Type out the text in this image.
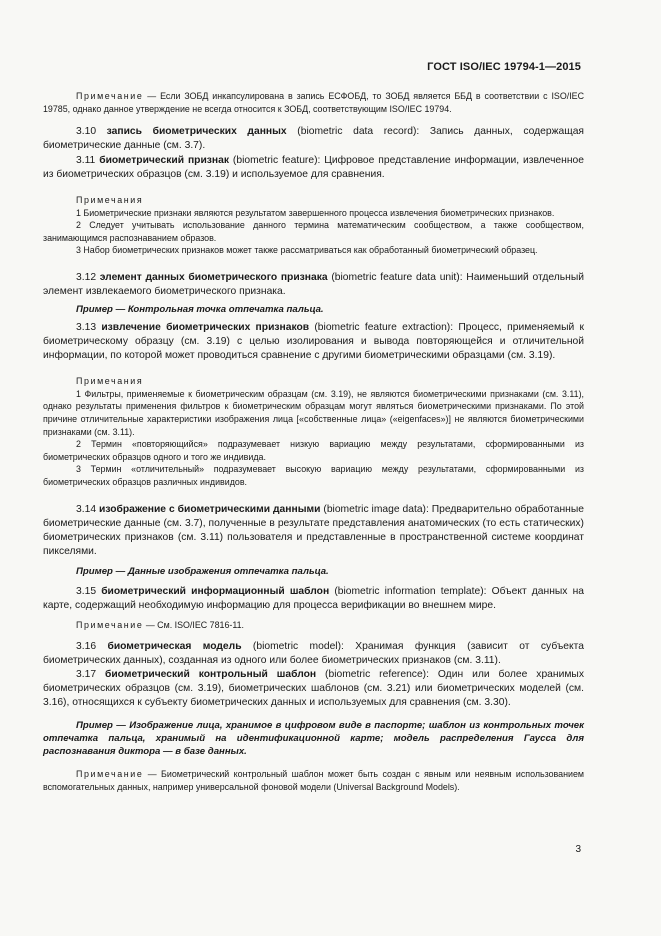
ГОСТ ISO/IEC 19794-1—2015

Примечание — Если ЗОБД инкапсулирована в запись ЕСФОБД, то ЗОБД является ББД в соответствии с ISO/IEC 19785, однако данное утверждение не всегда относится к ЗОБД, соответствующим ISO/IEC 19794.

3.10 запись биометрических данных (biometric data record): Запись данных, содержащая биометрические данные (см. 3.7).

3.11 биометрический признак (biometric feature): Цифровое представление информации, извлеченное из биометрических образцов (см. 3.19) и используемое для сравнения.

Примечания

1 Биометрические признаки являются результатом завершенного процесса извлечения биометрических признаков.

2 Следует учитывать использование данного термина математическим сообществом, а также сообществом, занимающимся распознаванием образов.

3 Набор биометрических признаков может также рассматриваться как обработанный биометрический образец.

3.12 элемент данных биометрического признака (biometric feature data unit): Наименьший отдельный элемент извлекаемого биометрического признака.

Пример — Контрольная точка отпечатка пальца.

3.13 извлечение биометрических признаков (biometric feature extraction): Процесс, применяемый к биометрическому образцу (см. 3.19) с целью изолирования и вывода повторяющейся и отличительной информации, по которой может проводиться сравнение с другими биометрическими образцами (см. 3.19).

Примечания

1 Фильтры, применяемые к биометрическим образцам (см. 3.19), не являются биометрическими признаками (см. 3.11), однако результаты применения фильтров к биометрическим образцам могут являться биометрическими признаками. По этой причине отличительные характеристики изображения лица [«собственные лица» («eigenfaces»)] не являются биометрическими признаками (см. 3.11).

2 Термин «повторяющийся» подразумевает низкую вариацию между результатами, сформированными из биометрических образцов одного и того же индивида.

3 Термин «отличительный» подразумевает высокую вариацию между результатами, сформированными из биометрических образцов различных индивидов.

3.14 изображение с биометрическими данными (biometric image data): Предварительно обработанные биометрические данные (см. 3.7), полученные в результате представления анатомических (то есть статических) биометрических признаков (см. 3.11) пользователя и представленные в пространственной системе координат пикселями.

Пример — Данные изображения отпечатка пальца.

3.15 биометрический информационный шаблон (biometric information template): Объект данных на карте, содержащий необходимую информацию для процесса верификации во внешнем мире.

Примечание — См. ISO/IEC 7816-11.

3.16 биометрическая модель (biometric model): Хранимая функция (зависит от субъекта биометрических данных), созданная из одного или более биометрических признаков (см. 3.11).

3.17 биометрический контрольный шаблон (biometric reference): Один или более хранимых биометрических образцов (см. 3.19), биометрических шаблонов (см. 3.21) или биометрических моделей (см. 3.16), относящихся к субъекту биометрических данных и используемых для сравнения (см. 3.30).

Пример — Изображение лица, хранимое в цифровом виде в паспорте; шаблон из контрольных точек отпечатка пальца, хранимый на идентификационной карте; модель распределения Гаусса для распознавания диктора — в базе данных.

Примечание — Биометрический контрольный шаблон может быть создан с явным или неявным использованием вспомогательных данных, например универсальной фоновой модели (Universal Background Models).

3
